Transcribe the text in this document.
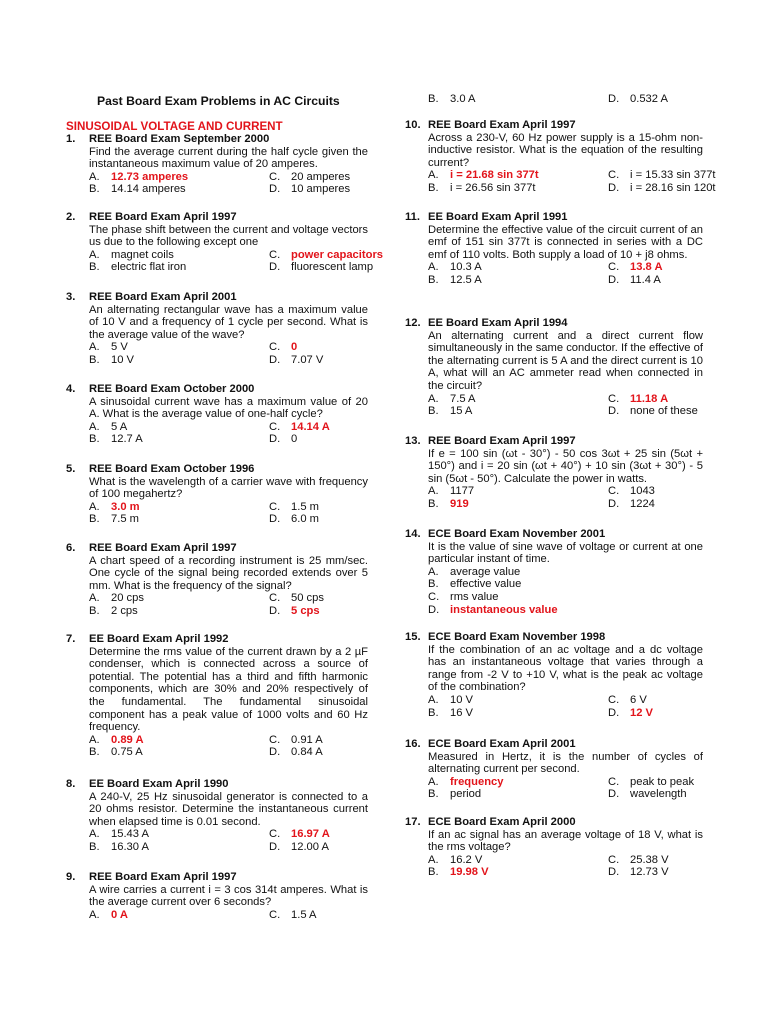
Past Board Exam Problems in AC Circuits
SINUSOIDAL VOLTAGE AND CURRENT
1. REE Board Exam September 2000
Find the average current during the half cycle given the instantaneous maximum value of 20 amperes.
A. 12.73 amperes	C. 20 amperes
B. 14.14 amperes	D. 10 amperes
2. REE Board Exam April 1997
The phase shift between the current and voltage vectors us due to the following except one
A. magnet coils	C. power capacitors
B. electric flat iron	D. fluorescent lamp
3. REE Board Exam April 2001
An alternating rectangular wave has a maximum value of 10 V and a frequency of 1 cycle per second. What is the average value of the wave?
A. 5 V	C. 0
B. 10 V	D. 7.07 V
4. REE Board Exam October 2000
A sinusoidal current wave has a maximum value of 20 A. What is the average value of one-half cycle?
A. 5 A	C. 14.14 A
B. 12.7 A	D. 0
5. REE Board Exam October 1996
What is the wavelength of a carrier wave with frequency of 100 megahertz?
A. 3.0 m	C. 1.5 m
B. 7.5 m	D. 6.0 m
6. REE Board Exam April 1997
A chart speed of a recording instrument is 25 mm/sec. One cycle of the signal being recorded extends over 5 mm. What is the frequency of the signal?
A. 20 cps	C. 50 cps
B. 2 cps	D. 5 cps
7. EE Board Exam April 1992
Determine the rms value of the current drawn by a 2 µF condenser, which is connected across a source of potential. The potential has a third and fifth harmonic components, which are 30% and 20% respectively of the fundamental. The fundamental sinusoidal component has a peak value of 1000 volts and 60 Hz frequency.
A. 0.89 A	C. 0.91 A
B. 0.75 A	D. 0.84 A
8. EE Board Exam April 1990
A 240-V, 25 Hz sinusoidal generator is connected to a 20 ohms resistor. Determine the instantaneous current when elapsed time is 0.01 second.
A. 15.43 A	C. 16.97 A
B. 16.30 A	D. 12.00 A
9. REE Board Exam April 1997
A wire carries a current i = 3 cos 314t amperes. What is the average current over 6 seconds?
A. 0 A	C. 1.5 A
B. 3.0 A	D. 0.532 A
10. REE Board Exam April 1997
Across a 230-V, 60 Hz power supply is a 15-ohm non-inductive resistor. What is the equation of the resulting current?
A. i = 21.68 sin 377t	C. i = 15.33 sin 377t
B. i = 26.56 sin 377t	D. i = 28.16 sin 120t
11. EE Board Exam April 1991
Determine the effective value of the circuit current of an emf of 151 sin 377t is connected in series with a DC emf of 110 volts. Both supply a load of 10 + j8 ohms.
A. 10.3 A	C. 13.8 A
B. 12.5 A	D. 11.4 A
12. EE Board Exam April 1994
An alternating current and a direct current flow simultaneously in the same conductor. If the effective of the alternating current is 5 A and the direct current is 10 A, what will an AC ammeter read when connected in the circuit?
A. 7.5 A	C. 11.18 A
B. 15 A	D. none of these
13. REE Board Exam April 1997
If e = 100 sin (ωt - 30°) - 50 cos 3ωt + 25 sin (5ωt + 150°) and i = 20 sin (ωt + 40°) + 10 sin (3ωt + 30°) - 5 sin (5ωt - 50°). Calculate the power in watts.
A. 1177	C. 1043
B. 919	D. 1224
14. ECE Board Exam November 2001
It is the value of sine wave of voltage or current at one particular instant of time.
A. average value
B. effective value
C. rms value
D. instantaneous value
15. ECE Board Exam November 1998
If the combination of an ac voltage and a dc voltage has an instantaneous voltage that varies through a range from -2 V to +10 V, what is the peak ac voltage of the combination?
A. 10 V	C. 6 V
B. 16 V	D. 12 V
16. ECE Board Exam April 2001
Measured in Hertz, it is the number of cycles of alternating current per second.
A. frequency	C. peak to peak
B. period	D. wavelength
17. ECE Board Exam April 2000
If an ac signal has an average voltage of 18 V, what is the rms voltage?
A. 16.2 V	C. 25.38 V
B. 19.98 V	D. 12.73 V
